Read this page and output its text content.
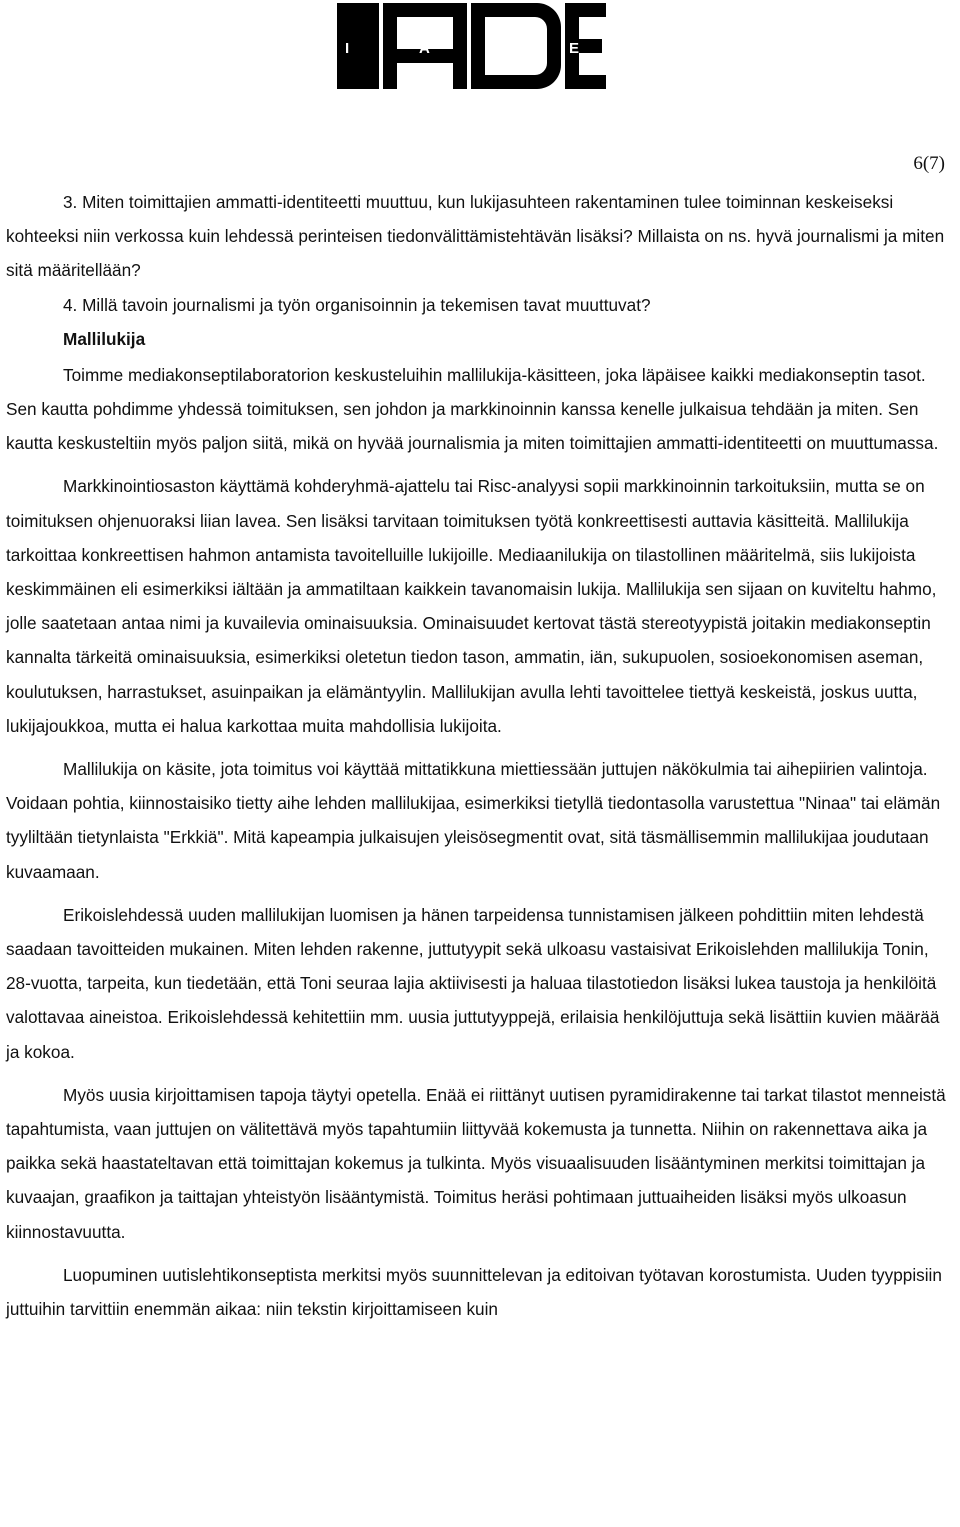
I	A	D	E
6(7)

3. Miten toimittajien ammatti-identiteetti muuttuu, kun lukijasuhteen rakentaminen tulee toiminnan keskeiseksi kohteeksi niin verkossa kuin lehdessä perinteisen tiedonvälittämistehtävän lisäksi? Millaista on ns. hyvä journalismi ja miten sitä määritellään?

4. Millä tavoin journalismi ja työn organisoinnin ja tekemisen tavat muuttuvat?

Mallilukija

Toimme mediakonseptilaboratorion keskusteluihin mallilukija-käsitteen, joka läpäisee kaikki mediakonseptin tasot. Sen kautta pohdimme yhdessä toimituksen, sen johdon ja markkinoinnin kanssa kenelle julkaisua tehdään ja miten. Sen kautta keskusteltiin myös paljon siitä, mikä on hyvää journalismia ja miten toimittajien ammatti-identiteetti on muuttumassa.

Markkinointiosaston käyttämä kohderyhmä-ajattelu tai Risc-analyysi sopii markkinoinnin tarkoituksiin, mutta se on toimituksen ohjenuoraksi liian lavea. Sen lisäksi tarvitaan toimituksen työtä konkreettisesti auttavia käsitteitä. Mallilukija tarkoittaa konkreettisen hahmon antamista tavoitelluille lukijoille. Mediaanilukija on tilastollinen määritelmä, siis lukijoista keskimmäinen eli esimerkiksi iältään ja ammatiltaan kaikkein tavanomaisin lukija. Mallilukija sen sijaan on kuviteltu hahmo, jolle saatetaan antaa nimi ja kuvailevia ominaisuuksia. Ominaisuudet kertovat tästä stereotyypistä joitakin mediakonseptin kannalta tärkeitä ominaisuuksia, esimerkiksi oletetun tiedon tason, ammatin, iän, sukupuolen, sosioekonomisen aseman, koulutuksen, harrastukset, asuinpaikan ja elämäntyylin. Mallilukijan avulla lehti tavoittelee tiettyä keskeistä, joskus uutta, lukijajoukkoa, mutta ei halua karkottaa muita mahdollisia lukijoita.

Mallilukija on käsite, jota toimitus voi käyttää mittatikkuna miettiessään juttujen näkökulmia tai aihepiirien valintoja. Voidaan pohtia, kiinnostaisiko tietty aihe lehden mallilukijaa, esimerkiksi tietyllä tiedontasolla varustettua "Ninaa" tai elämän tyyliltään tietynlaista "Erkkiä". Mitä kapeampia julkaisujen yleisösegmentit ovat, sitä täsmällisemmin mallilukijaa joudutaan kuvaamaan.

Erikoislehdessä uuden mallilukijan luomisen ja hänen tarpeidensa tunnistamisen jälkeen pohdittiin miten lehdestä saadaan tavoitteiden mukainen. Miten lehden rakenne, juttutyypit sekä ulkoasu vastaisivat Erikoislehden mallilukija Tonin, 28-vuotta, tarpeita, kun tiedetään, että Toni seuraa lajia aktiivisesti ja haluaa tilastotiedon lisäksi lukea taustoja ja henkilöitä valottavaa aineistoa. Erikoislehdessä kehitettiin mm. uusia juttutyyppejä, erilaisia henkilöjuttuja sekä lisättiin kuvien määrää ja kokoa.

Myös uusia kirjoittamisen tapoja täytyi opetella. Enää ei riittänyt uutisen pyramidirakenne tai tarkat tilastot menneistä tapahtumista, vaan juttujen on välitettävä myös tapahtumiin liittyvää kokemusta ja tunnetta. Niihin on rakennettava aika ja paikka sekä haastateltavan että toimittajan kokemus ja tulkinta. Myös visuaalisuuden lisääntyminen merkitsi toimittajan ja kuvaajan, graafikon ja taittajan yhteistyön lisääntymistä. Toimitus heräsi pohtimaan juttuaiheiden lisäksi myös ulkoasun kiinnostavuutta.

Luopuminen uutislehtikonseptista merkitsi myös suunnittelevan ja editoivan työtavan korostumista. Uuden tyyppisiin juttuihin tarvittiin enemmän aikaa: niin tekstin kirjoittamiseen kuin
